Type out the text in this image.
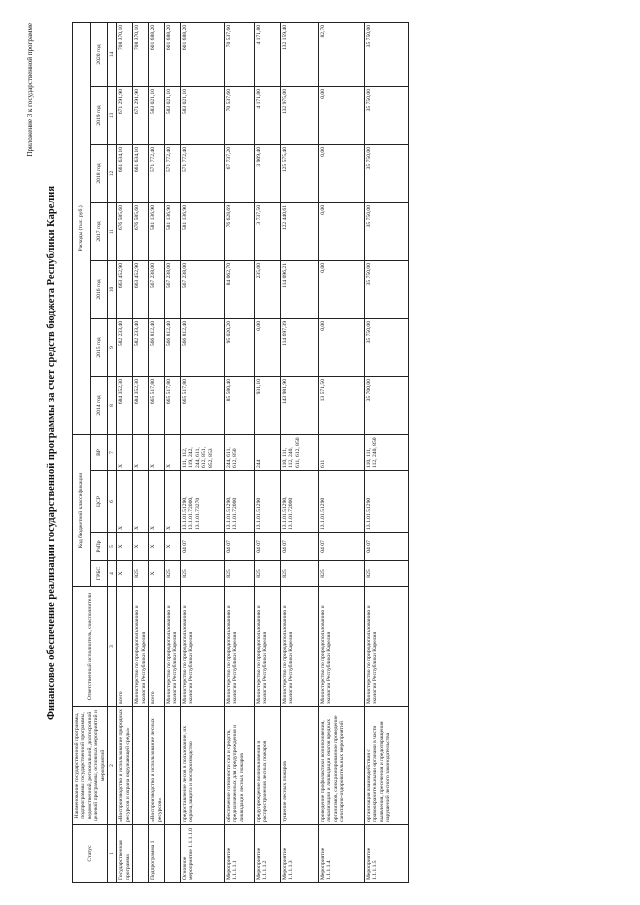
Приложение 3 к государственной программе
Финансовое обеспечение реализации государственной программы за счет средств бюджета Республики Карелия
Статус	Наименование государственной программы, подпрограммы государственной программы, ведомственной, региональной, долгосрочной целевой программы, основных мероприятий и мероприятий	Ответственный исполнитель, соисполнители	Код бюджетной классификации				Расходы (тыс. руб.)						
			ГРБС	РзПр	ЦСР	ВР	2014 год	2015 год	2016 год	2017 год	2018 год	2019 год	2020 год
1	2	3	4	5	6	7	8	9	10	11	12	13	14
Государственная программа	«Воспроизводство и использование природных ресурсов и охрана окружающей среды»	всего	X	X	X	X	684 352,30	582 233,40	663 452,90	676 585,60	661 634,10	671 291,90	708 370,10
		Министерство по природопользованию и экологии Республики Карелия	825	X	X	X	684 352,30	582 233,40	663 452,90	676 585,60	661 634,10	671 291,90	708 370,10
Подпрограмма 1	«Воспроизводство и использование лесных ресурсов»	всего	X	X	X	X	665 517,80	566 812,40	567 238,00	581 136,90	571 772,40	583 021,10	601 688,20
		Министерство по природопользованию и экологии Республики Карелия	825	X	X	X	665 517,80	566 812,40	567 238,00	581 136,90	571 772,40	583 021,10	601 688,20
Основное мероприятие 1.1.1.1.0	предоставление лесов в пользование, их охрана,защита и воспроизводство	Министерство по природопользованию и экологии Республики Карелия	825	04 07	13.1.01.51290, 13.1.01.72000, 13.1.01.73270	111, 112, 119, 242, 244, 611, 612, 851, 852, 853	665 517,80	566 812,40	567 238,00	581 136,90	571 772,40	583 021,10	601 688,20
Мероприятие 1.1.1.1.1	обеспечение готовности сил и средств, предназначенных для предупреждения и ликвидации лесных пожаров	Министерство по природопользованию и экологии Республики Карелия	825	04 07	13.1.01.51290, 13.1.01.72000	244, 611, 612, 850	85 580,40	95 020,20	84 062,70	76 628,69	67 737,20	70 537,60	70 537,60
Мероприятие 1.1.1.1.2	предупреждение возникновения и распространения лесных пожаров	Министерство по природопользованию и экологии Республики Карелия	825	04 07	13.1.01.51290	244	931,10	0,00	235,00	3 737,50	3 909,40	4 171,80	4 171,80
Мероприятие 1.1.1.1.3	тушение лесных пожаров	Министерство по природопользованию и экологии Республики Карелия	825	04 07	13.1.01.51290, 13.1.01.72000	110, 111, 112, 240, 611, 612, 850	143 981,90	114 697,39	114 096,21	122 440,61	125 575,40	132 975,00	132 159,40
Мероприятие 1.1.1.1.4	проведение профилактики возникновения, локализации и ликвидации очагов вредных организмов, санкционированное проведение санитарно-оздоровительных мероприятий	Министерство по природопользованию и экологии Республики Карелия	825	04 07	13.1.01.51290	611	13 571,50	0,00	0,00	0,00	0,00	0,00	82,70
Мероприятие 1.1.1.1.5	организация взаимодействия с правоохранительными органами в части выявления, пресечения и предотвращения нарушений лесного законодательства	Министерство по природопользованию и экологии Республики Карелия	825	04 07	13.1.01.51290	110, 111, 112, 240, 850	35 700,00	35 750,00	35 750,00	35 750,00	35 750,00	35 750,00	35 750,00
